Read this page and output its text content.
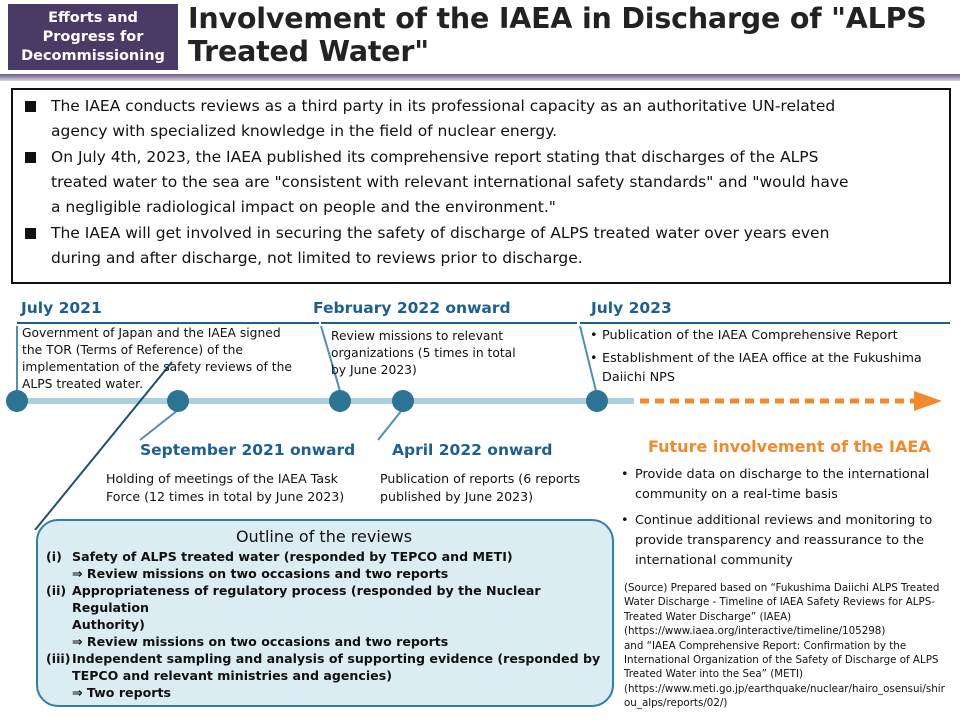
Efforts and
Progress for
Decommissioning
Involvement of the IAEA in Discharge of "ALPS
Treated Water"
The IAEA conducts reviews as a third party in its professional capacity as an authoritative UN-related
agency with specialized knowledge in the field of nuclear energy.
On July 4th, 2023, the IAEA published its comprehensive report stating that discharges of the ALPS
treated water to the sea are "consistent with relevant international safety standards" and "would have
a negligible radiological impact on people and the environment."
The IAEA will get involved in securing the safety of discharge of ALPS treated water over years even
during and after discharge, not limited to reviews prior to discharge.
July 2021
Government of Japan and the IAEA signed
the TOR (Terms of Reference) of the
implementation of the safety reviews of the
ALPS treated water.
February 2022 onward
Review missions to relevant
organizations (5 times in total
by June 2023)
July 2023
• Publication of the IAEA Comprehensive Report
• Establishment of the IAEA office at the Fukushima
Daiichi NPS
September 2021 onward
Holding of meetings of the IAEA Task
Force (12 times in total by June 2023)
April 2022 onward
Publication of reports (6 reports
published by June 2023)
Future involvement of the IAEA
• Provide data on discharge to the international
community on a real-time basis
• Continue additional reviews and monitoring to
provide transparency and reassurance to the
international community
Outline of the reviews
(i) Safety of ALPS treated water (responded by TEPCO and METI)
⇒ Review missions on two occasions and two reports
(ii) Appropriateness of regulatory process (responded by the Nuclear Regulation
Authority)
⇒ Review missions on two occasions and two reports
(iii) Independent sampling and analysis of supporting evidence (responded by
TEPCO and relevant ministries and agencies)
⇒ Two reports
(Source) Prepared based on “Fukushima Daiichi ALPS Treated
Water Discharge - Timeline of IAEA Safety Reviews for ALPS-
Treated Water Discharge” (IAEA)
(https://www.iaea.org/interactive/timeline/105298)
and “IAEA Comprehensive Report: Confirmation by the
International Organization of the Safety of Discharge of ALPS
Treated Water into the Sea” (METI)
(https://www.meti.go.jp/earthquake/nuclear/hairo_osensui/shir
ou_alps/reports/02/)
